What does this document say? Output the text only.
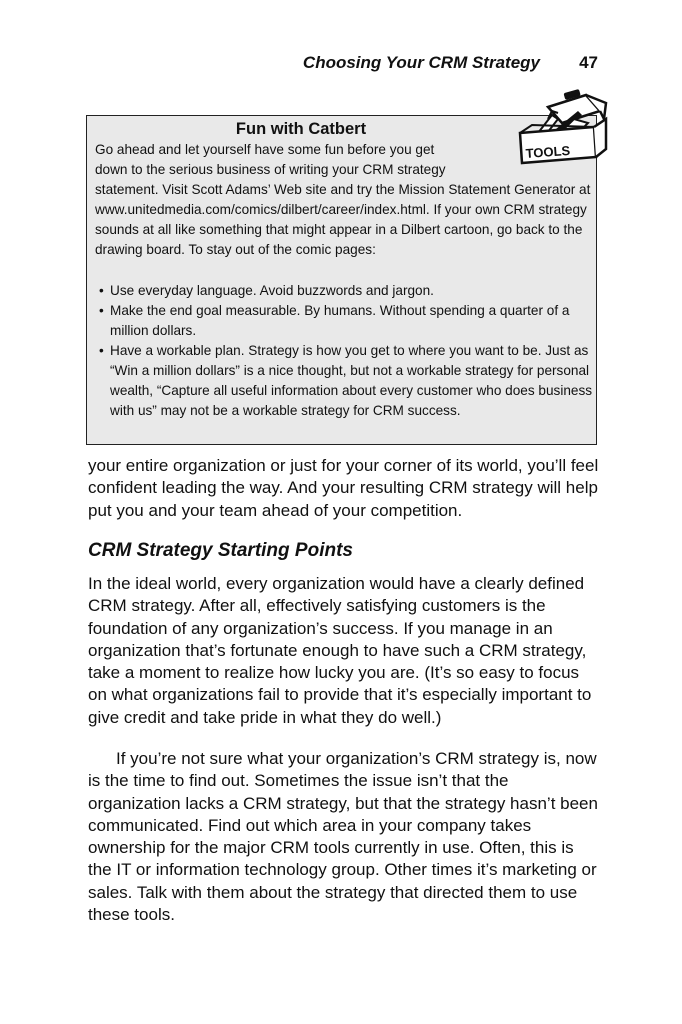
Choosing Your CRM Strategy 47
Fun with Catbert

Go ahead and let yourself have some fun before you get
down to the serious business of writing your CRM strategy
statement. Visit Scott Adams’ Web site and try the Mission Statement Generator at www.unitedmedia.com/comics/dilbert/career/index.html. If your own CRM strategy sounds at all like something that might appear in a Dilbert cartoon, go back to the drawing board. To stay out of the comic pages:

• Use everyday language. Avoid buzzwords and jargon.
• Make the end goal measurable. By humans. Without spending a quarter of a million dollars.
• Have a workable plan. Strategy is how you get to where you want to be. Just as “Win a million dollars” is a nice thought, but not a workable strategy for personal wealth, “Capture all useful information about every customer who does business with us” may not be a workable strategy for CRM success.
TOOLS

your entire organization or just for your corner of its world, you’ll feel confident leading the way. And your resulting CRM strategy will help put you and your team ahead of your competition.

CRM Strategy Starting Points

In the ideal world, every organization would have a clearly defined CRM strategy. After all, effectively satisfying customers is the foundation of any organization’s success. If you manage in an organization that’s fortunate enough to have such a CRM strategy, take a moment to realize how lucky you are. (It’s so easy to focus on what organizations fail to provide that it’s especially important to give credit and take pride in what they do well.)

If you’re not sure what your organization’s CRM strategy is, now is the time to find out. Sometimes the issue isn’t that the organization lacks a CRM strategy, but that the strategy hasn’t been communicated. Find out which area in your company takes ownership for the major CRM tools currently in use. Often, this is the IT or information technology group. Other times it’s marketing or sales. Talk with them about the strategy that directed them to use these tools.
